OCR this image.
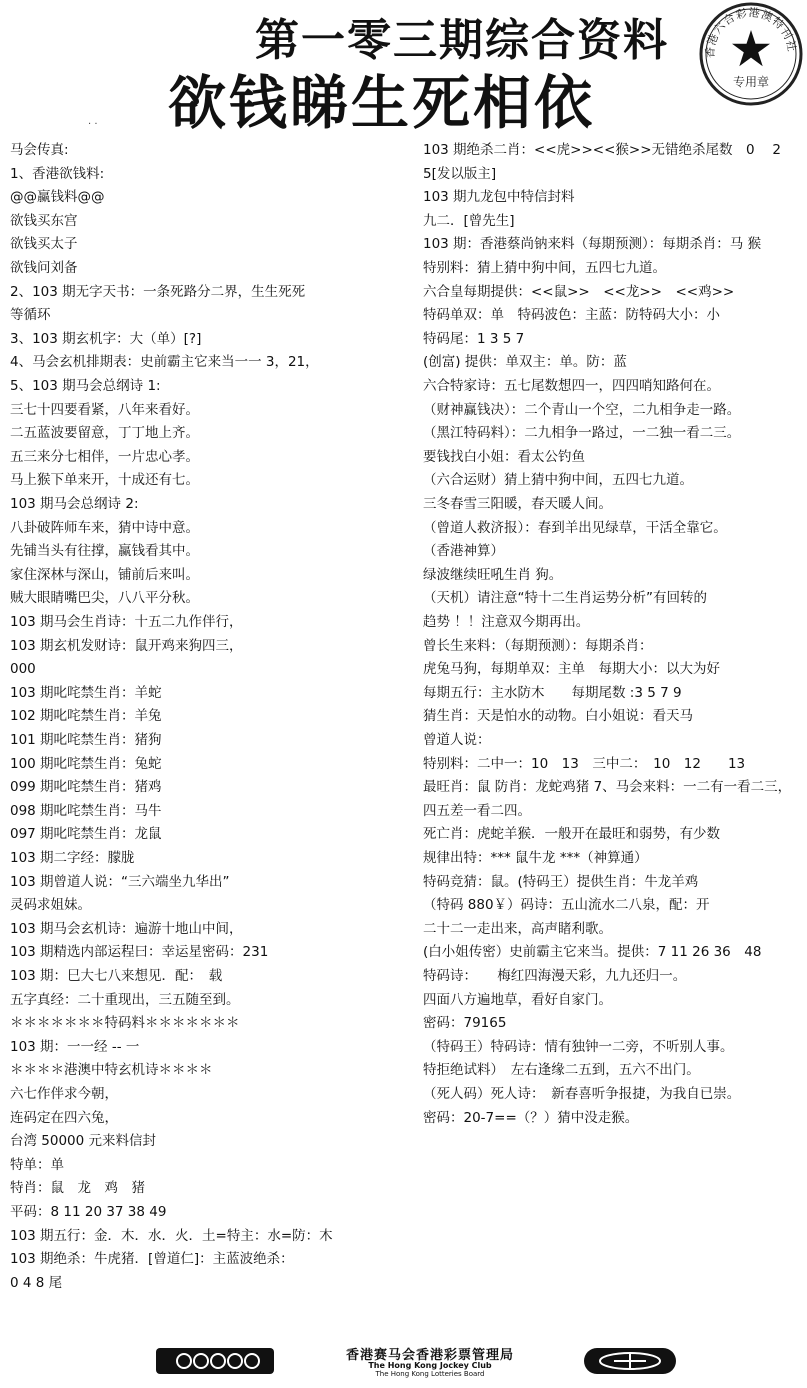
第一零三期综合资料
欲钱睇生死相依
香港六合彩港澳特刊社
专用章
. .
马会传真:
1、香港欲钱料:
@@赢钱料@@
欲钱买东宫
欲钱买太子
欲钱问刘备
2、103 期无字天书：一条死路分二界，生生死死
等循环
3、103 期玄机字：大（单）[?]
4、马会玄机排期表：史前霸主它来当一一 3，21，
5、103 期马会总纲诗 1:
三七十四要看紧，八年来看好。
二五蓝波要留意，丁丁地上齐。
五三来分七相伴，一片忠心孝。
马上猴下单来开，十成还有七。
103 期马会总纲诗 2:
八卦破阵师车来，猜中诗中意。
先铺当头有往撑，赢钱看其中。
家住深林与深山，铺前后来叫。
贼大眼睛嘴巴尖，八八平分秋。
103 期马会生肖诗：十五二九作伴行，
103 期玄机发财诗：鼠开鸡来狗四三，
000
103 期叱咤禁生肖：羊蛇
102 期叱咤禁生肖：羊兔
101 期叱咤禁生肖：猪狗
100 期叱咤禁生肖：兔蛇
099 期叱咤禁生肖：猪鸡
098 期叱咤禁生肖：马牛
097 期叱咤禁生肖：龙鼠
103 期二字经：朦胧
103 期曾道人说：“三六端坐九华出”
灵码求姐妹。
103 期马会玄机诗：遍游十地山中间，
103 期精选内部运程曰：幸运星密码：231
103 期：巳大七八来想见．配：　载
五字真经：二十重现出，三五随至到。
＊＊＊＊＊＊＊特码料＊＊＊＊＊＊＊
103 期：一一经 -- 一
＊＊＊＊港澳中特玄机诗＊＊＊＊
六七作伴求今朝，
连码定在四六兔，
台湾 50000 元来料信封
特单：单
特肖：鼠　龙　鸡　猪
平码：8 11 20 37 38 49
103 期五行：金．木．水．火．土=特主：水=防：木
103 期绝杀：牛虎猪．[曾道仁]：主蓝波绝杀：
0 4 8 尾
103 期绝杀二肖：<<虎>><<猴>>无错绝杀尾数　0　 2
5[发以版主]
103 期九龙包中特信封料
九二．[曾先生]
103 期：香港蔡尚钠来料（每期预测）：每期杀肖：马 猴
特别料：猜上猜中狗中间，五四七九道。
六合皇每期提供：<<鼠>>　<<龙>>　<<鸡>>
特码单双：单　特码波色：主蓝：防特码大小：小
特码尾：1 3 5 7
(创富) 提供：单双主：单。防：蓝
六合特家诗：五七尾数想四一，四四哨知路何在。
（财神赢钱决）：二个青山一个空，二九相争走一路。
（黑江特码料）：二九相争一路过，一二独一看二三。
要钱找白小姐：看太公钓鱼
（六合运财）猜上猜中狗中间，五四七九道。
三冬春雪三阳暖，春天暖人间。
（曾道人救济报）：春到羊出见绿草，干活全靠它。
（香港神算）
绿波继续旺吼生肖 狗。
（天机）请注意“特十二生肖运势分析”有回转的
趋势 ！！注意双今期再出。
曾长生来料：（每期预测）：每期杀肖：
虎兔马狗，每期单双：主单　每期大小：以大为好
每期五行：主水防木　　每期尾数 :3 5 7 9
猜生肖：天是怕水的动物。白小姐说：看天马
曾道人说：
特别料：二中一：10　13　三中二：　10　12　　13
最旺肖：鼠 防肖：龙蛇鸡猪 7、马会来料：一二有一看二三，
四五差一看二四。
死亡肖：虎蛇羊猴．一般开在最旺和弱势，有少数
规律出特：*** 鼠牛龙 ***（神算通）
特码竞猜：鼠。(特码王）提供生肖：牛龙羊鸡
（特码 880￥）码诗：五山流水二八泉，配：开
二十二一走出来，高声睹利歌。
(白小姐传密）史前霸主它来当。提供：7 11 26 36　48
特码诗：　　梅红四海漫天彩，九九还归一。
四面八方遍地草，看好自家门。
密码：79165
（特码王）特码诗：情有独钟一二旁，不听别人事。
特拒绝试料）　左右逢缘二五到，五六不出门。
（死人码）死人诗：　新春喜听争报捷，为我自已崇。
密码：20-7==（？）猜中没走猴。
香港赛马会香港彩票管理局
The Hong Kong Jockey Club
The Hong Kong Lotteries Board
